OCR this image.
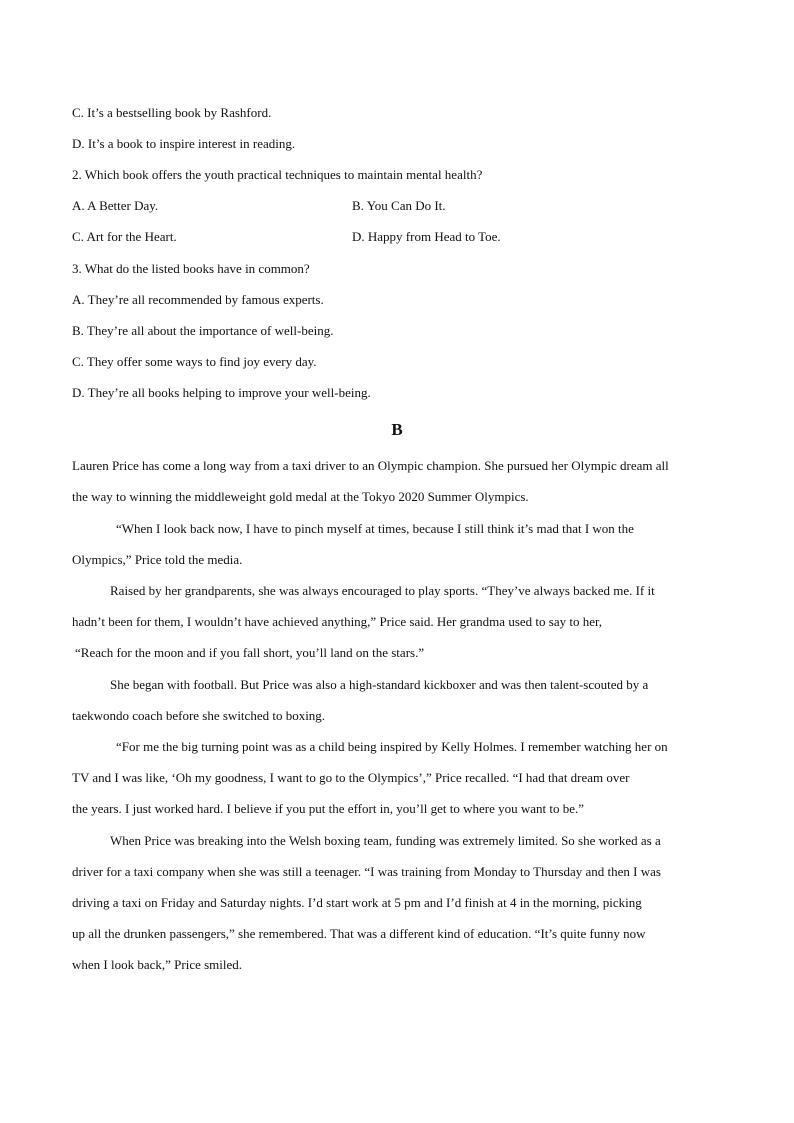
C. It’s a bestselling book by Rashford.
D. It’s a book to inspire interest in reading.
2. Which book offers the youth practical techniques to maintain mental health?
A. A Better Day.	B. You Can Do It.
C. Art for the Heart.	D. Happy from Head to Toe.
3. What do the listed books have in common?
A. They’re all recommended by famous experts.
B. They’re all about the importance of well-being.
C. They offer some ways to find joy every day.
D. They’re all books helping to improve your well-being.
B
Lauren Price has come a long way from a taxi driver to an Olympic champion. She pursued her Olympic dream all
the way to winning the middleweight gold medal at the Tokyo 2020 Summer Olympics.
“When I look back now, I have to pinch myself at times, because I still think it’s mad that I won the
Olympics,” Price told the media.
Raised by her grandparents, she was always encouraged to play sports. “They’ve always backed me. If it
hadn’t been for them, I wouldn’t have achieved anything,” Price said. Her grandma used to say to her,
“Reach for the moon and if you fall short, you’ll land on the stars.”
She began with football. But Price was also a high-standard kickboxer and was then talent-scouted by a
taekwondo coach before she switched to boxing.
“For me the big turning point was as a child being inspired by Kelly Holmes. I remember watching her on
TV and I was like, ‘Oh my goodness, I want to go to the Olympics’,” Price recalled. “I had that dream over
the years. I just worked hard. I believe if you put the effort in, you’ll get to where you want to be.”
When Price was breaking into the Welsh boxing team, funding was extremely limited. So she worked as a
driver for a taxi company when she was still a teenager. “I was training from Monday to Thursday and then I was
driving a taxi on Friday and Saturday nights. I’d start work at 5 pm and I’d finish at 4 in the morning, picking
up all the drunken passengers,” she remembered. That was a different kind of education. “It’s quite funny now
when I look back,” Price smiled.
